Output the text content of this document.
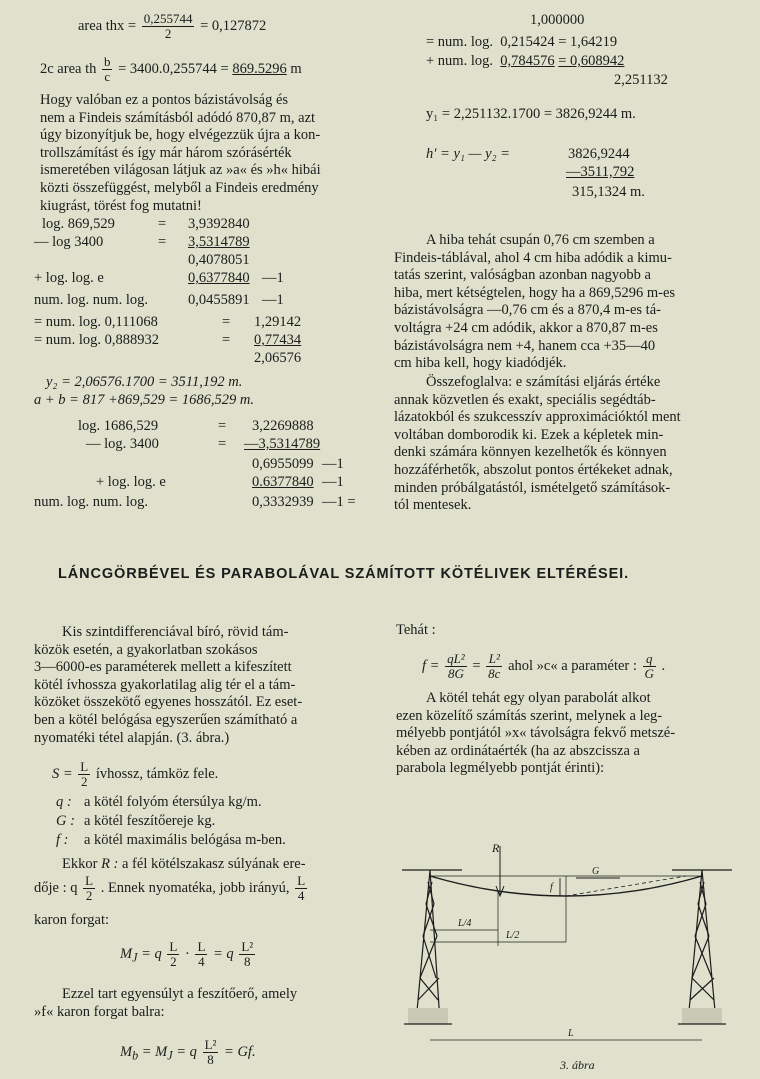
area thx = $\frac{0,255744}{2} = 0,127872$
2c area th $\frac{b}{c} = 3400.0,255744 = 869.5296$ m
Hogy valóban ez a pontos bázistávolság és
nem a Findeis számításból adódó 870,87 m, azt
úgy bizonyítjuk be, hogy elvégezzük újra a kon-
trollszámítást és így már három szórásérték
ismeretében világosan látjuk az »a« és »h« hibái
közti összefüggést, melyből a Findeis eredmény
kiugrást, törést fog mutatni!
log. 869,529	= 3,9392840
— log 3400	= 3,5314789
0,4078051
+ log. log. e	0,6377840 —1
num. log. num. log.	0,0455891 —1
= num. log. 0,111068	= 1,29142
= num. log. 0,888932	= 0,77434
2,06576
y₂ = 2,06576.1700 = 3511,192 m.
a + b = 817 +869,529 = 1686,529 m.
log. 1686,529	= 3,2269888
— log. 3400	= —3,5314789
0,6955099 —1
+ log. log. e	0.6377840 —1
num. log. num. log.	0,3332939 —1 =
1,000000
= num. log. 0,215424 = 1,64219
+ num. log. 0,784576 = 0,608942
2,251132
y₁ = 2,251132.1700 = 3826,9244 m.
h′ = y₁ — y₂ =	3826,9244
—3511,792
315,1324 m.
A hiba tehát csupán 0,76 cm szemben a
Findeis-táblával, ahol 4 cm hiba adódik a kimu-
tatás szerint, valóságban azonban nagyobb a
hiba, mert kétségtelen, hogy ha a 869,5296 m-es
bázistávolságra —0,76 cm és a 870,4 m-es tá-
voltágra +24 cm adódik, akkor a 870,87 m-es
bázistávolságra nem +4, hanem cca +35—40
cm hiba kell, hogy kiadódjék.
Összefoglalva: e számítási eljárás értéke
annak közvetlen és exakt, speciális segédtáb-
lázatokból és szukcesszív approximációktól ment
voltában domborodik ki. Ezek a képletek min-
denki számára könnyen kezelhetők és könnyen
hozzáférhetők, abszolut pontos értékeket adnak,
minden próbálgatástól, ismételgető számítások-
tól mentesek.
LÁNCGÖRBÉVEL ÉS PARABOLÁVAL SZÁMÍTOTT KÖTÉLIVEK ELTÉRÉSEI.
Kis szintdifferenciával bíró, rövid tám-
közök esetén, a gyakorlatban szokásos
3—6000-es paraméterek mellett a kifeszített
kötél ívhossza gyakorlatilag alig tér el a tám-
közöket összekötő egyenes hosszától. Ez eset-
ben a kötél belógása egyszerűen számítható a
nyomatéki tétel alapján. (3. ábra.)
$S = \frac{L}{2}$ ívhossz, támköz fele.
q : a kötél folyóm étersúlya kg/m.
G : a kötél feszítőereje kg.
f : a kötél maximális belógása m-ben.
Ekkor R : a fél kötélszakasz súlyának ere-
dője : q $\frac{L}{2}$ . Ennek nyomatéka, jobb irányú, $\frac{L}{4}$
karon forgat:
$M_J = q \frac{L}{2} \cdot \frac{L}{4} = q \frac{\text{L²}}{8}$
Ezzel tart egyensúlyt a feszítőerő, amely
»f« karon forgat balra:
$M_b = M_J = q \frac{\text{L²}}{8} = Gf$.
Tehát :
$f = \frac{\text{qL²}}{8G} = \frac{\text{L²}}{8c}$ ahol »c« a paraméter : $\frac{q}{G}$ .
A kötél tehát egy olyan parabolát alkot
ezen közelítő számítás szerint, melynek a leg-
mélyebb pontjától »x« távolságra fekvő metszé-
kében az ordinátaérték (ha az abszcissza a
parabola legmélyebb pontját érinti):
R
L/4
L/2
L
f
G
3. ábra
